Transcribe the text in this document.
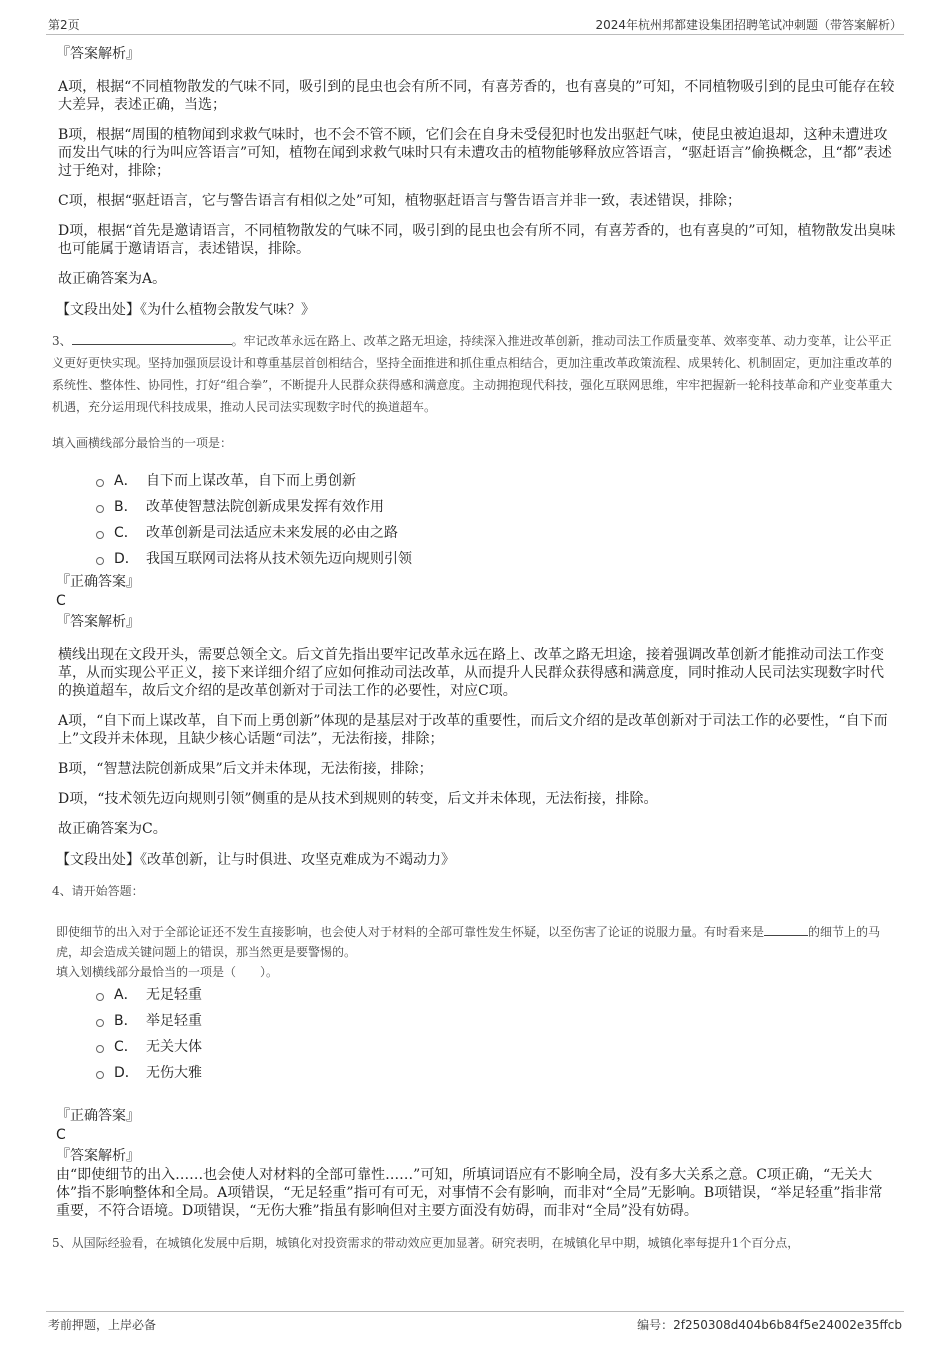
第2页	2024年杭州邦都建设集团招聘笔试冲刺题（带答案解析）

『答案解析』

A项，根据“不同植物散发的气味不同，吸引到的昆虫也会有所不同，有喜芳香的，也有喜臭的”可知，不同植物吸引到的昆虫可能存在较大差异，表述正确，当选；

B项，根据“周围的植物闻到求救气味时，也不会不管不顾，它们会在自身未受侵犯时也发出驱赶气味，使昆虫被迫退却，这种未遭进攻而发出气味的行为叫应答语言”可知，植物在闻到求救气味时只有未遭攻击的植物能够释放应答语言，“驱赶语言”偷换概念，且“都”表述过于绝对，排除；

C项，根据“驱赶语言，它与警告语言有相似之处”可知，植物驱赶语言与警告语言并非一致，表述错误，排除；

D项，根据“首先是邀请语言，不同植物散发的气味不同，吸引到的昆虫也会有所不同，有喜芳香的，也有喜臭的”可知，植物散发出臭味也可能属于邀请语言，表述错误，排除。

故正确答案为A。

【文段出处】《为什么植物会散发气味？》

3、	。牢记改革永远在路上、改革之路无坦途，持续深入推进改革创新，推动司法工作质量变革、效率变革、动力变革，让公平正义更好更快实现。坚持加强顶层设计和尊重基层首创相结合，坚持全面推进和抓住重点相结合，更加注重改革政策流程、成果转化、机制固定，更加注重改革的系统性、整体性、协同性，打好“组合拳”，不断提升人民群众获得感和满意度。主动拥抱现代科技，强化互联网思维，牢牢把握新一轮科技革命和产业变革重大机遇，充分运用现代科技成果，推动人民司法实现数字时代的换道超车。

填入画横线部分最恰当的一项是：

A． 自下而上谋改革，自下而上勇创新
B． 改革使智慧法院创新成果发挥有效作用
C． 改革创新是司法适应未来发展的必由之路
D． 我国互联网司法将从技术领先迈向规则引领

『正确答案』

C

『答案解析』

横线出现在文段开头，需要总领全文。后文首先指出要牢记改革永远在路上、改革之路无坦途，接着强调改革创新才能推动司法工作变革，从而实现公平正义，接下来详细介绍了应如何推动司法改革，从而提升人民群众获得感和满意度，同时推动人民司法实现数字时代的换道超车，故后文介绍的是改革创新对于司法工作的必要性，对应C项。

A项，“自下而上谋改革，自下而上勇创新”体现的是基层对于改革的重要性，而后文介绍的是改革创新对于司法工作的必要性，“自下而上”文段并未体现，且缺少核心话题“司法”，无法衔接，排除；

B项，“智慧法院创新成果”后文并未体现，无法衔接，排除；

D项，“技术领先迈向规则引领”侧重的是从技术到规则的转变，后文并未体现，无法衔接，排除。

故正确答案为C。

【文段出处】《改革创新，让与时俱进、攻坚克难成为不竭动力》

4、请开始答题：

即使细节的出入对于全部论证还不发生直接影响，也会使人对于材料的全部可靠性发生怀疑，以至伤害了论证的说服力量。有时看来是	的细节上的马虎，却会造成关键问题上的错误，那当然更是要警惕的。

填入划横线部分最恰当的一项是（　　）。

A． 无足轻重
B． 举足轻重
C． 无关大体
D． 无伤大雅

『正确答案』

C

『答案解析』

由“即使细节的出入……也会使人对材料的全部可靠性……”可知，所填词语应有不影响全局，没有多大关系之意。C项正确，“无关大体”指不影响整体和全局。A项错误，“无足轻重”指可有可无，对事情不会有影响，而非对“全局”无影响。B项错误，“举足轻重”指非常重要，不符合语境。D项错误，“无伤大雅”指虽有影响但对主要方面没有妨碍，而非对“全局”没有妨碍。

5、从国际经验看，在城镇化发展中后期，城镇化对投资需求的带动效应更加显著。研究表明，在城镇化早中期，城镇化率每提升1个百分点，

考前押题，上岸必备	编号：2f250308d404b6b84f5e24002e35ffcb
